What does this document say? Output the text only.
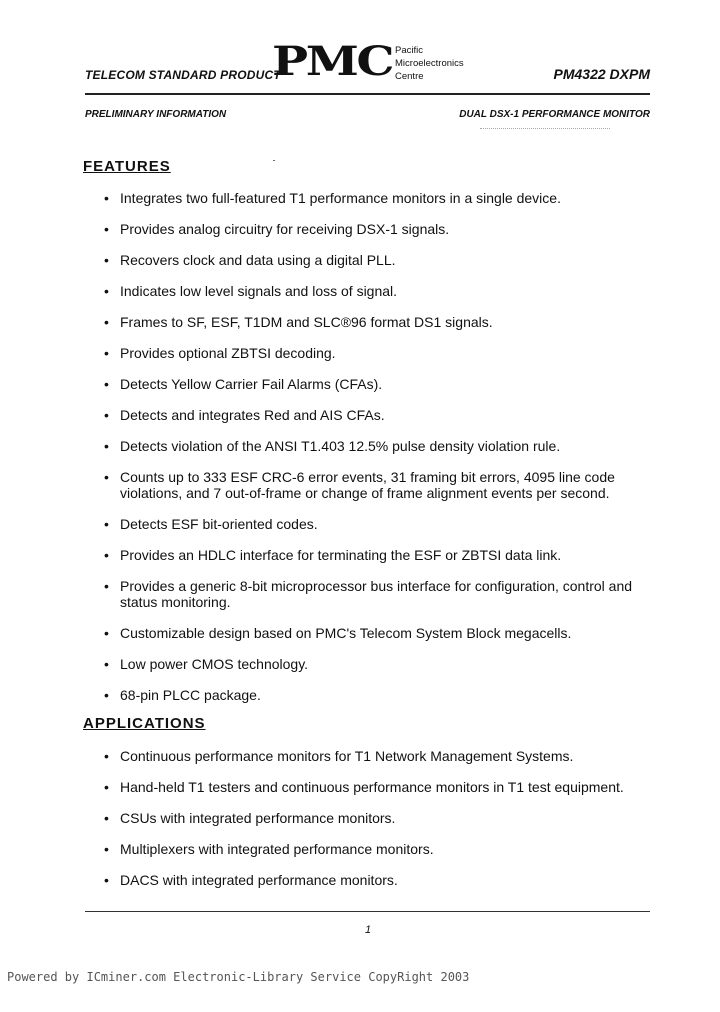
TELECOM STANDARD PRODUCT
PMC Pacific
Microelectronics
Centre	PM4322 DXPM
PRELIMINARY INFORMATION	DUAL DSX-1 PERFORMANCE MONITOR
FEATURES
• Integrates two full-featured T1 performance monitors in a single device.
• Provides analog circuitry for receiving DSX-1 signals.
• Recovers clock and data using a digital PLL.
• Indicates low level signals and loss of signal.
• Frames to SF, ESF, T1DM and SLC®96 format DS1 signals.
• Provides optional ZBTSI decoding.
• Detects Yellow Carrier Fail Alarms (CFAs).
• Detects and integrates Red and AIS CFAs.
• Detects violation of the ANSI T1.403 12.5% pulse density violation rule.
• Counts up to 333 ESF CRC-6 error events, 31 framing bit errors, 4095 line code violations, and 7 out-of-frame or change of frame alignment events per second.
• Detects ESF bit-oriented codes.
• Provides an HDLC interface for terminating the ESF or ZBTSI data link.
• Provides a generic 8-bit microprocessor bus interface for configuration, control and status monitoring.
• Customizable design based on PMC's Telecom System Block megacells.
• Low power CMOS technology.
• 68-pin PLCC package.
APPLICATIONS
• Continuous performance monitors for T1 Network Management Systems.
• Hand-held T1 testers and continuous performance monitors in T1 test equipment.
• CSUs with integrated performance monitors.
• Multiplexers with integrated performance monitors.
• DACS with integrated performance monitors.
1
Powered by ICminer.com Electronic-Library Service CopyRight 2003
